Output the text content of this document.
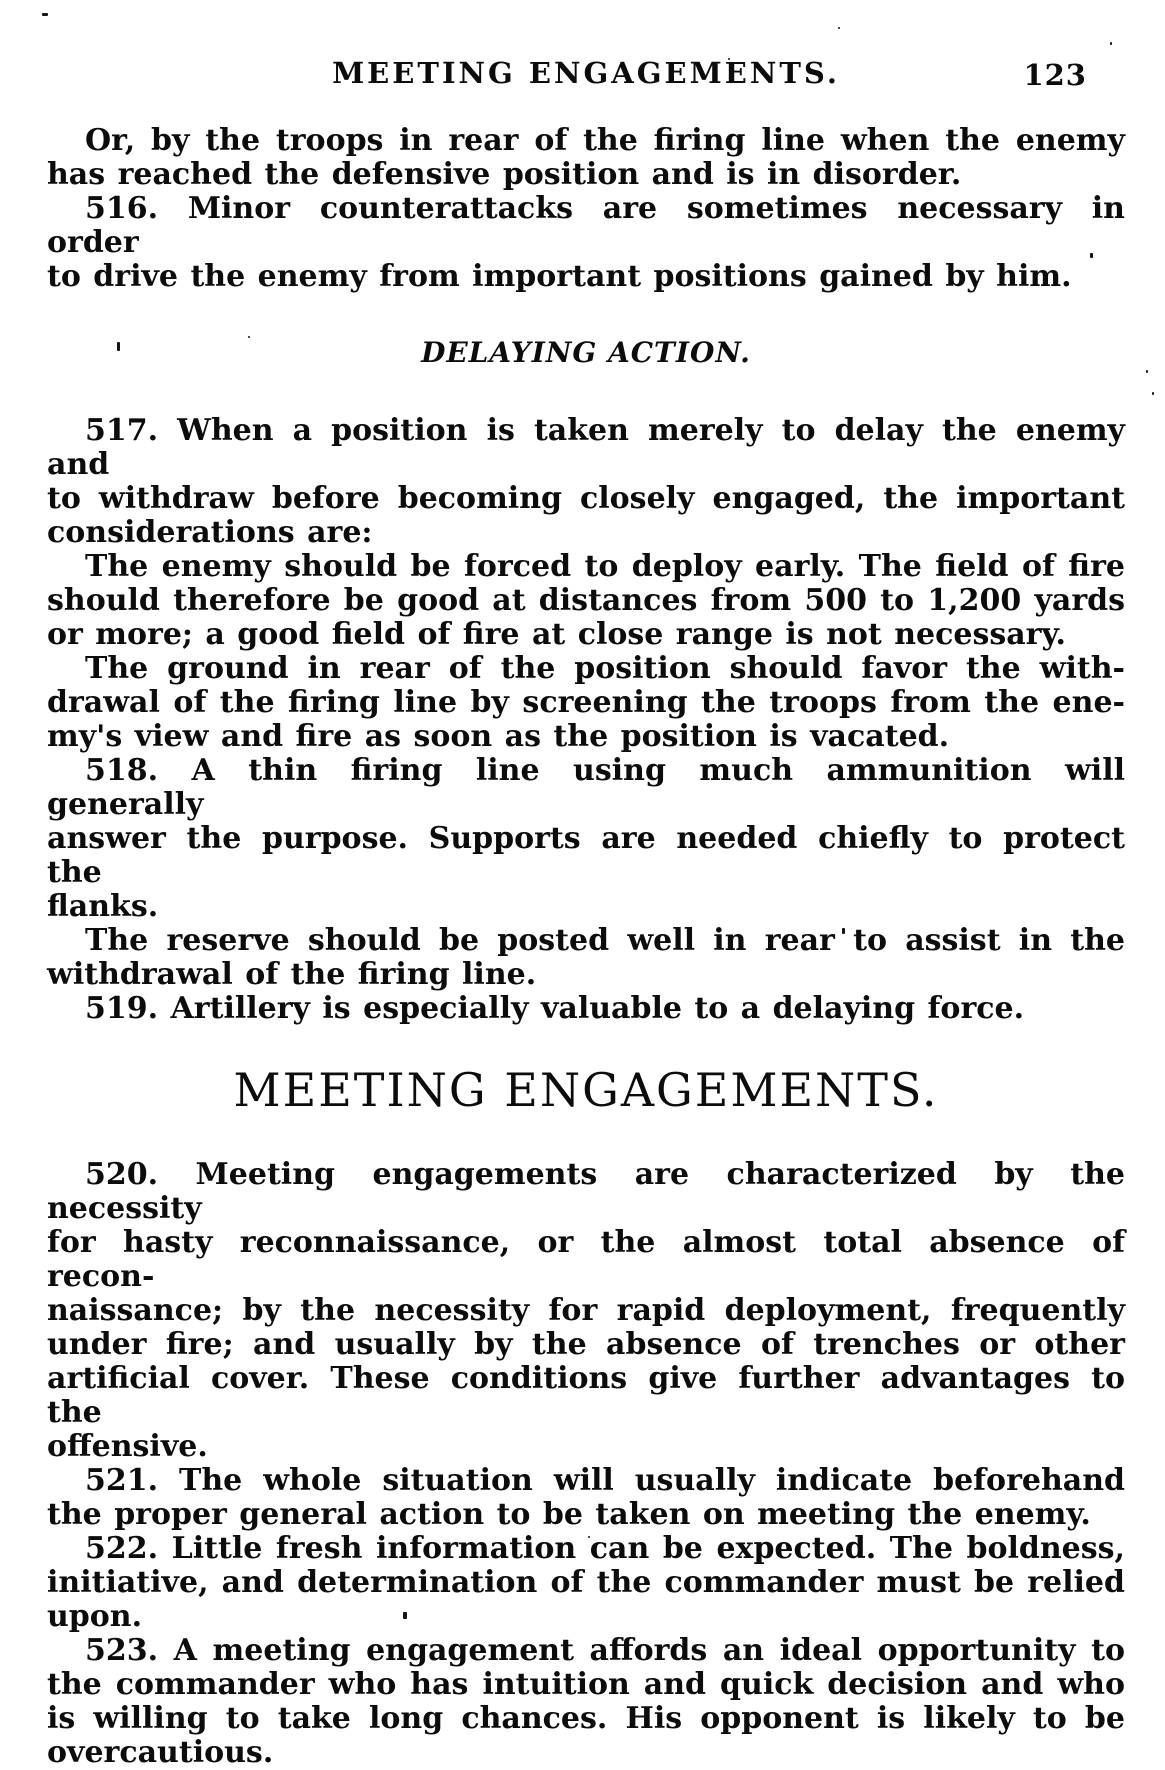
MEETING ENGAGEMENTS.	123

Or, by the troops in rear of the firing line when the enemy
has reached the defensive position and is in disorder.

516. Minor counterattacks are sometimes necessary in order
to drive the enemy from important positions gained by him.

DELAYING ACTION.

517. When a position is taken merely to delay the enemy and
to withdraw before becoming closely engaged, the important
considerations are:

The enemy should be forced to deploy early. The field of fire
should therefore be good at distances from 500 to 1,200 yards
or more; a good field of fire at close range is not necessary.

The ground in rear of the position should favor the with-
drawal of the firing line by screening the troops from the ene-
my's view and fire as soon as the position is vacated.

518. A thin firing line using much ammunition will generally
answer the purpose. Supports are needed chiefly to protect the
flanks.

The reserve should be posted well in rear to assist in the
withdrawal of the firing line.

519. Artillery is especially valuable to a delaying force.

MEETING ENGAGEMENTS.

520. Meeting engagements are characterized by the necessity
for hasty reconnaissance, or the almost total absence of recon-
naissance; by the necessity for rapid deployment, frequently
under fire; and usually by the absence of trenches or other
artificial cover. These conditions give further advantages to the
offensive.

521. The whole situation will usually indicate beforehand
the proper general action to be taken on meeting the enemy.

522. Little fresh information can be expected. The boldness,
initiative, and determination of the commander must be relied
upon.

523. A meeting engagement affords an ideal opportunity to
the commander who has intuition and quick decision and who
is willing to take long chances. His opponent is likely to be
overcautious.
